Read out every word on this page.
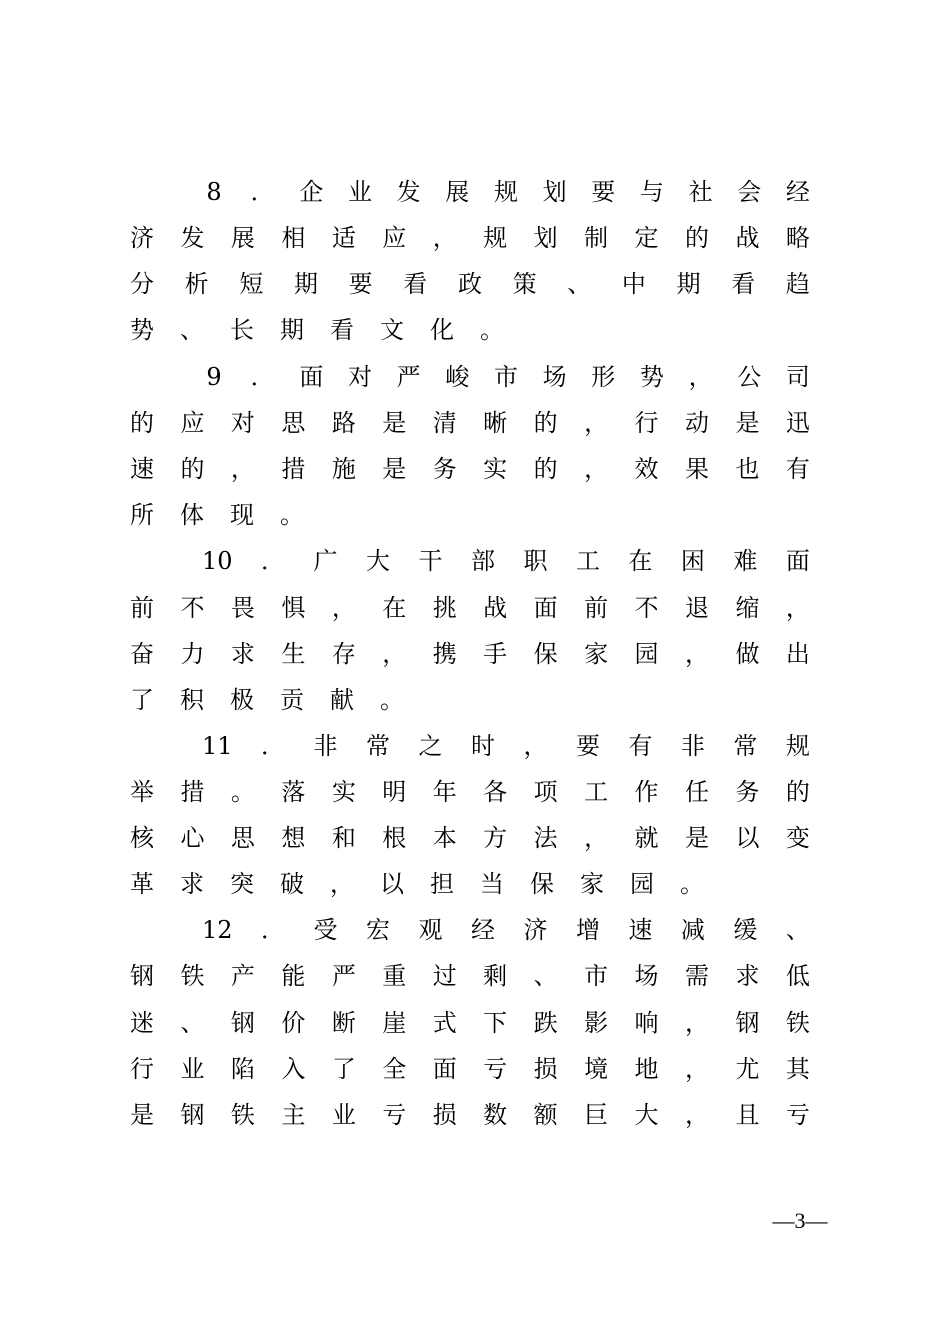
8 ． 企 业 发 展 规 划 要 与 社 会 经
济 发 展 相 适 应 ， 规 划 制 定 的 战 略
分 析 短 期 要 看 政 策 、 中 期 看 趋
势 、 长 期 看 文 化 。
9 ． 面 对 严 峻 市 场 形 势 ， 公 司
的 应 对 思 路 是 清 晰 的 ， 行 动 是 迅
速 的 ， 措 施 是 务 实 的 ， 效 果 也 有
所 体 现 。
10 ． 广 大 干 部 职 工 在 困 难 面
前 不 畏 惧 ， 在 挑 战 面 前 不 退 缩 ，
奋 力 求 生 存 ， 携 手 保 家 园 ， 做 出
了 积 极 贡 献 。
11 ． 非 常 之 时 ， 要 有 非 常 规
举 措 。 落 实 明 年 各 项 工 作 任 务 的
核 心 思 想 和 根 本 方 法 ， 就 是 以 变
革 求 突 破 ， 以 担 当 保 家 园 。
12 ． 受 宏 观 经 济 增 速 减 缓 、
钢 铁 产 能 严 重 过 剩 、 市 场 需 求 低
迷 、 钢 价 断 崖 式 下 跌 影 响 ， 钢 铁
行 业 陷 入 了 全 面 亏 损 境 地 ， 尤 其
是 钢 铁 主 业 亏 损 数 额 巨 大 ， 且 亏
—3—
